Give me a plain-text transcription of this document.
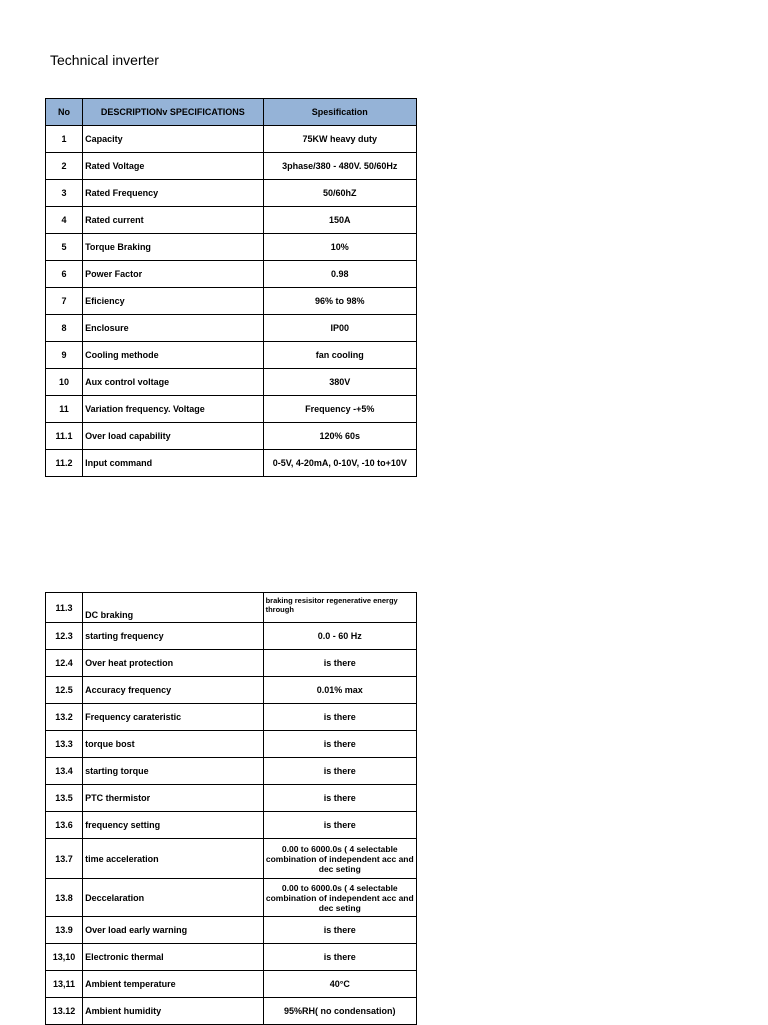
Technical inverter
No	DESCRIPTIONv SPECIFICATIONS	Spesification
1	Capacity	75KW heavy duty
2	Rated Voltage	3phase/380 - 480V. 50/60Hz
3	Rated Frequency	50/60hZ
4	Rated current	150A
5	Torque Braking	10%
6	Power Factor	0.98
7	Eficiency	96% to 98%
8	Enclosure	IP00
9	Cooling methode	fan cooling
10	Aux control voltage	380V
11	Variation frequency. Voltage	Frequency -+5%
11.1	Over load capability	120% 60s
11.2	Input command	0-5V, 4-20mA, 0-10V, -10 to+10V
11.3	DC braking	braking resisitor regenerative energy through
12.3	starting frequency	0.0 - 60 Hz
12.4	Over heat protection	is there
12.5	Accuracy frequency	0.01% max
13.2	Frequency carateristic	is there
13.3	torque bost	is there
13.4	starting torque	is there
13.5	PTC thermistor	is there
13.6	frequency setting	is there
13.7	time acceleration	0.00 to 6000.0s ( 4 selectable combination of independent acc and dec seting
13.8	Deccelaration	0.00 to 6000.0s ( 4 selectable combination of independent acc and dec seting
13.9	Over load early warning	is there
13,10	Electronic thermal	is there
13,11	Ambient temperature	40°C
13.12	Ambient humidity	95%RH( no condensation)
